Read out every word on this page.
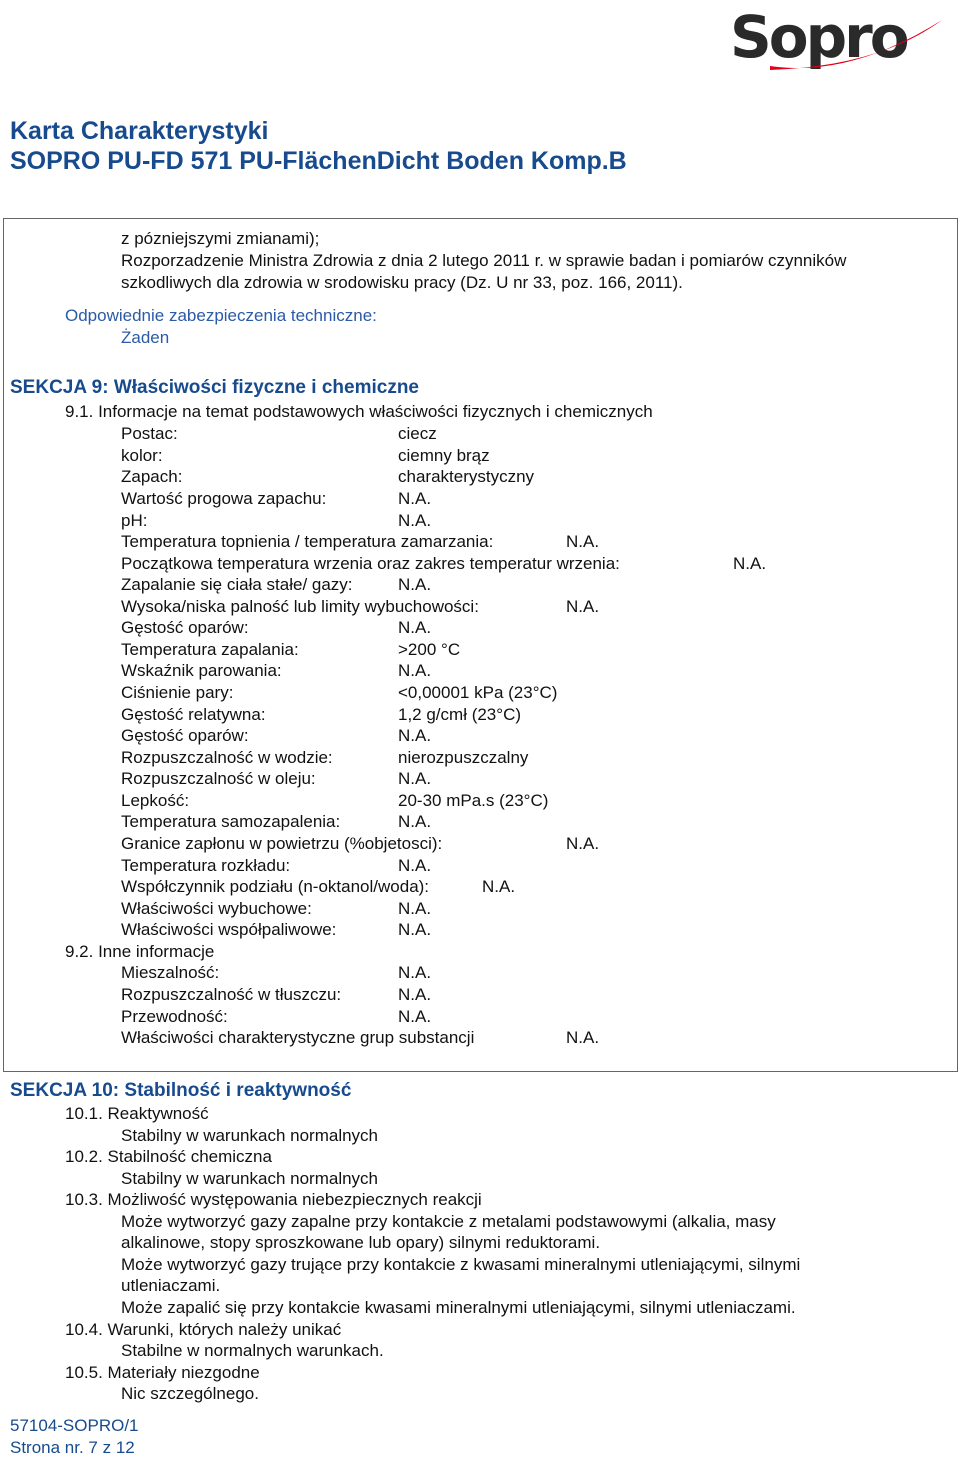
Sopro
Karta Charakterystyki
SOPRO PU-FD 571 PU-FlächenDicht Boden Komp.B
z pózniejszymi zmianami);
Rozporzadzenie Ministra Zdrowia z dnia 2 lutego 2011 r. w sprawie badan i pomiarów czynników
szkodliwych dla zdrowia w srodowisku pracy (Dz. U nr 33, poz. 166, 2011).
Odpowiednie zabezpieczenia techniczne:
Żaden
SEKCJA 9: Właściwości fizyczne i chemiczne
9.1. Informacje na temat podstawowych właściwości fizycznych i chemicznych
Postac:	ciecz
kolor:	ciemny brąz
Zapach:	charakterystyczny
Wartość progowa zapachu:	N.A.
pH:	N.A.
Temperatura topnienia / temperatura zamarzania:	N.A.
Początkowa temperatura wrzenia oraz zakres temperatur wrzenia:	N.A.
Zapalanie się ciała stałe/ gazy:	N.A.
Wysoka/niska palność lub limity wybuchowości:	N.A.
Gęstość oparów:	N.A.
Temperatura zapalania:	>200 °C
Wskaźnik parowania:	N.A.
Ciśnienie pary:	<0,00001 kPa (23°C)
Gęstość relatywna:	1,2 g/cmł (23°C)
Gęstość oparów:	N.A.
Rozpuszczalność w wodzie:	nierozpuszczalny
Rozpuszczalność w oleju:	N.A.
Lepkość:	20-30 mPa.s (23°C)
Temperatura samozapalenia:	N.A.
Granice zapłonu w powietrzu (%objetosci):	N.A.
Temperatura rozkładu:	N.A.
Współczynnik podziału (n-oktanol/woda):	N.A.
Właściwości wybuchowe:	N.A.
Właściwości współpaliwowe:	N.A.
9.2. Inne informacje
Mieszalność:	N.A.
Rozpuszczalność w tłuszczu:	N.A.
Przewodność:	N.A.
Właściwości charakterystyczne grup substancji	N.A.
SEKCJA 10: Stabilność i reaktywność
10.1. Reaktywność
Stabilny w warunkach normalnych
10.2. Stabilność chemiczna
Stabilny w warunkach normalnych
10.3. Możliwość występowania niebezpiecznych reakcji
Może wytworzyć gazy zapalne przy kontakcie z metalami podstawowymi (alkalia, masy
alkalinowe, stopy sproszkowane lub opary) silnymi reduktorami.
Może wytworzyć gazy trujące przy kontakcie z kwasami mineralnymi utleniającymi, silnymi
utleniaczami.
Może zapalić się przy kontakcie kwasami mineralnymi utleniającymi, silnymi utleniaczami.
10.4. Warunki, których należy unikać
Stabilne w normalnych warunkach.
10.5. Materiały niezgodne
Nic szczególnego.
57104-SOPRO/1
Strona nr. 7 z 12
